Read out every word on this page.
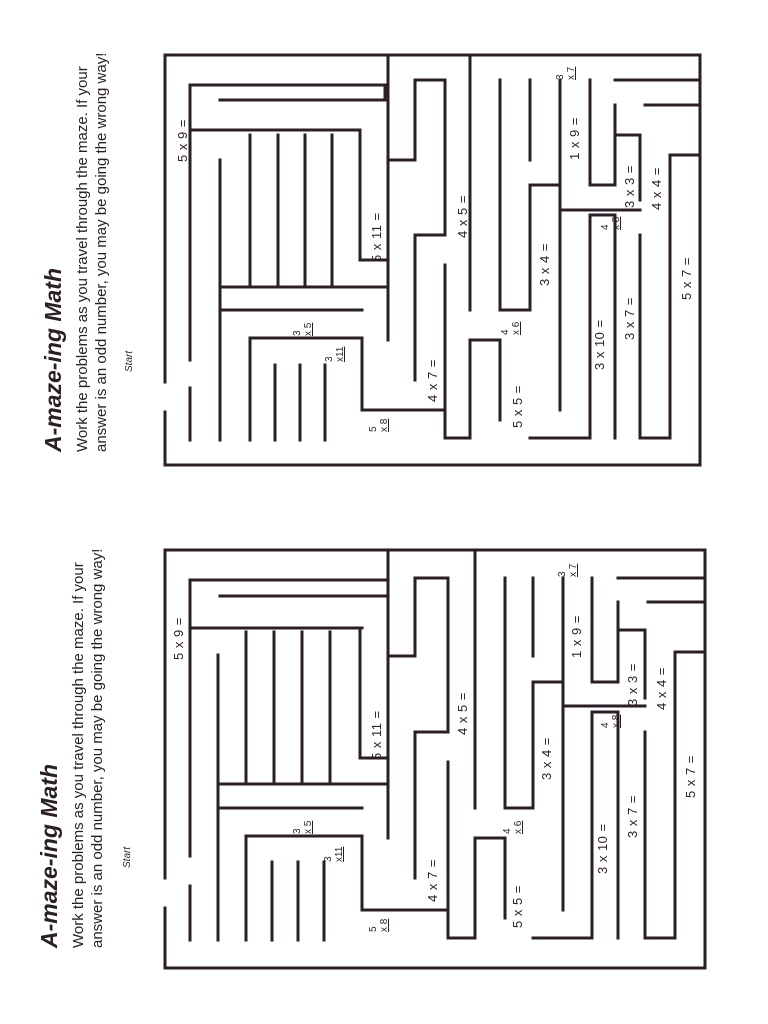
A-maze-ing Math Work the problems as you travel through the maze. If your answer is an odd number, you may be going the wrong way! Start
5 x 9 =
5 x 11 =	4 x 5 =
4 x 7 =
3 x 4 =
5 x 5 =
1 x 9 =
3 x 3 = 4 x 4 =
3 x 10 =
3 x 7 =
5 x 7 =
3 x 5
3 x11
5 x 8
4 x 6
4 x 8
3 x 7
A-maze-ing Math Work the problems as you travel through the maze. If your answer is an odd number, you may be going the wrong way! Start
5 x 9 =
5 x 11 =	4 x 5 =
4 x 7 =
3 x 4 =
5 x 5 =
1 x 9 =
3 x 3 = 4 x 4 =
3 x 10 =
3 x 7 =
5 x 7 =
3 x 5
3 x11
5 x 8
4 x 6
4 x 8
3 x 7
